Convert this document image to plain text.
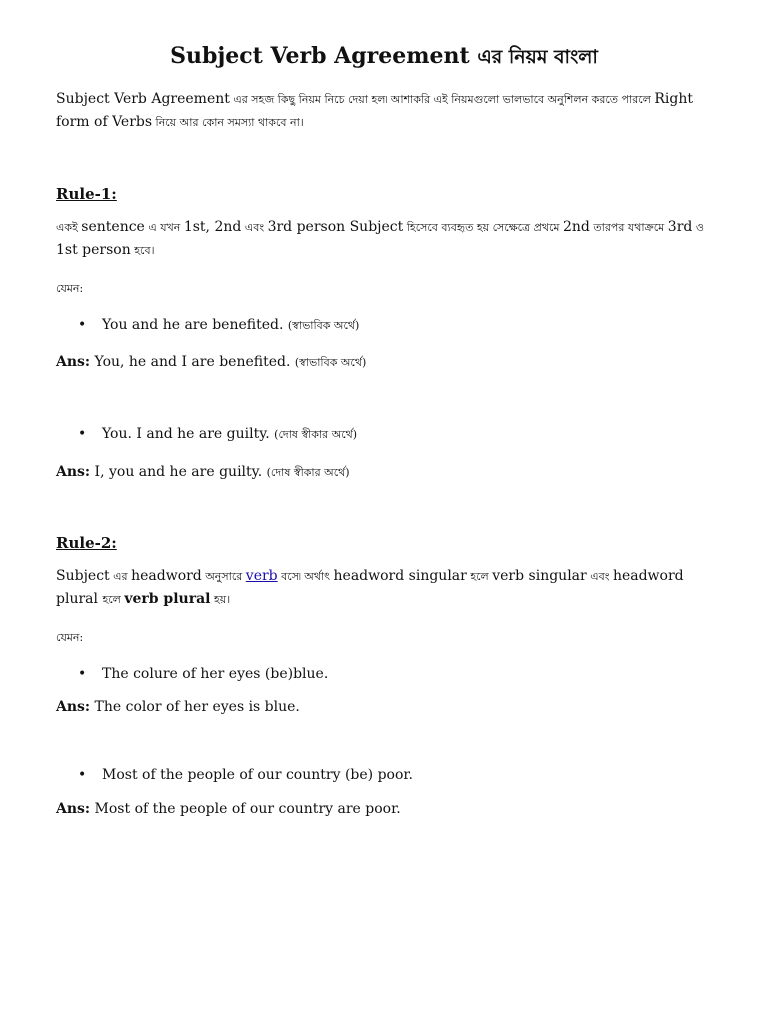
Subject Verb Agreement এর নিয়ম বাংলা
Subject Verb Agreement এর সহজ কিছু নিয়ম নিচে দেয়া হল৷ আশাকরি এই নিয়মগুলো ভালভাবে অনুশিলন করতে পারলে Right form of Verbs নিয়ে আর কোন সমস্যা থাকবে না।
Rule-1:
একই sentence এ যখন 1st, 2nd এবং 3rd person Subject হিসেবে ব্যবহৃত হয় সেক্ষেত্রে প্রথমে 2nd তারপর যথাক্রমে 3rd ও 1st person হবে।
যেমন:
• You and he are benefited. (স্বাভাবিক অর্থে)
Ans: You, he and I are benefited. (স্বাভাবিক অর্থে)
• You. I and he are guilty. (দোষ স্বীকার অর্থে)
Ans: I, you and he are guilty. (দোষ স্বীকার অর্থে)
Rule-2:
Subject এর headword অনুসারে verb বসে৷ অর্থাৎ headword singular হলে verb singular এবং headword plural হলে verb plural হয়।
যেমন:
• The colure of her eyes (be)blue.
Ans: The color of her eyes is blue.
• Most of the people of our country (be) poor.
Ans: Most of the people of our country are poor.
